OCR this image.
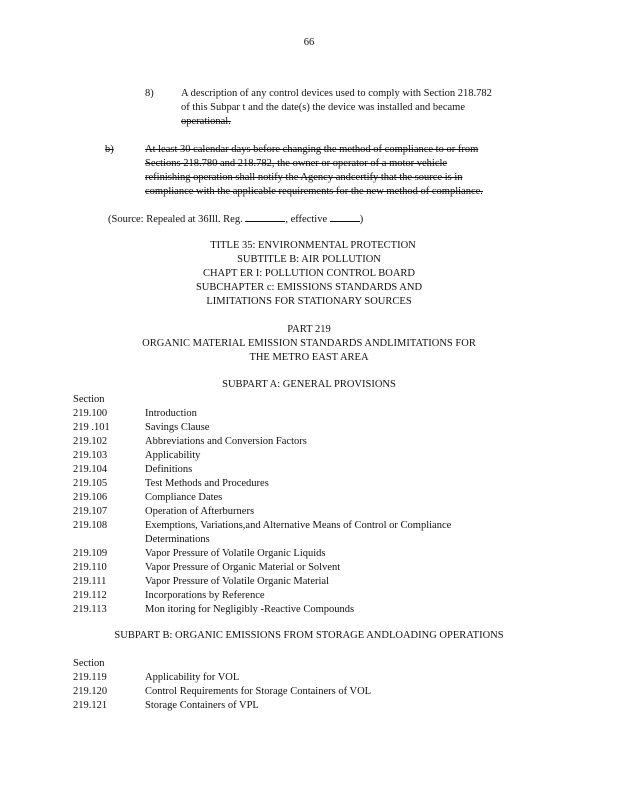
66
8)	A description of any control devices used to comply with Section 218.782
of this Subpar t and the date(s) the device was installed and became
operational.
b)	At least 30 calendar days before changing the method of compliance to or from
Sections 218.780 and 218.782, the owner or operator of a motor vehicle
refinishing operation shall notify the Agency andcertify that the source is in
compliance with the applicable requirements for the new method of compliance.
(Source: Repealed at 36Ill. Reg.	, effective	)
TITLE 35: ENVIRONMENTAL PROTECTION
SUBTITLE B: AIR POLLUTION
CHAPT ER I: POLLUTION CONTROL BOARD
SUBCHAPTER c: EMISSIONS STANDARDS AND
LIMITATIONS FOR STATIONARY SOURCES
PART 219
ORGANIC MATERIAL EMISSION STANDARDS ANDLIMITATIONS FOR
THE METRO EAST AREA
SUBPART A: GENERAL PROVISIONS
Section
219.100	Introduction
219 .101	Savings Clause
219.102	Abbreviations and Conversion Factors
219.103	Applicability
219.104	Definitions
219.105	Test Methods and Procedures
219.106	Compliance Dates
219.107	Operation of Afterburners
219.108	Exemptions, Variations,and Alternative Means of Control or Compliance
Determinations
219.109	Vapor Pressure of Volatile Organic Liquids
219.110	Vapor Pressure of Organic Material or Solvent
219.111	Vapor Pressure of Volatile Organic Material
219.112	Incorporations by Reference
219.113	Mon itoring for Negligibly -Reactive Compounds
SUBPART B: ORGANIC EMISSIONS FROM STORAGE ANDLOADING OPERATIONS
Section
219.119	Applicability for VOL
219.120	Control Requirements for Storage Containers of VOL
219.121	Storage Containers of VPL
